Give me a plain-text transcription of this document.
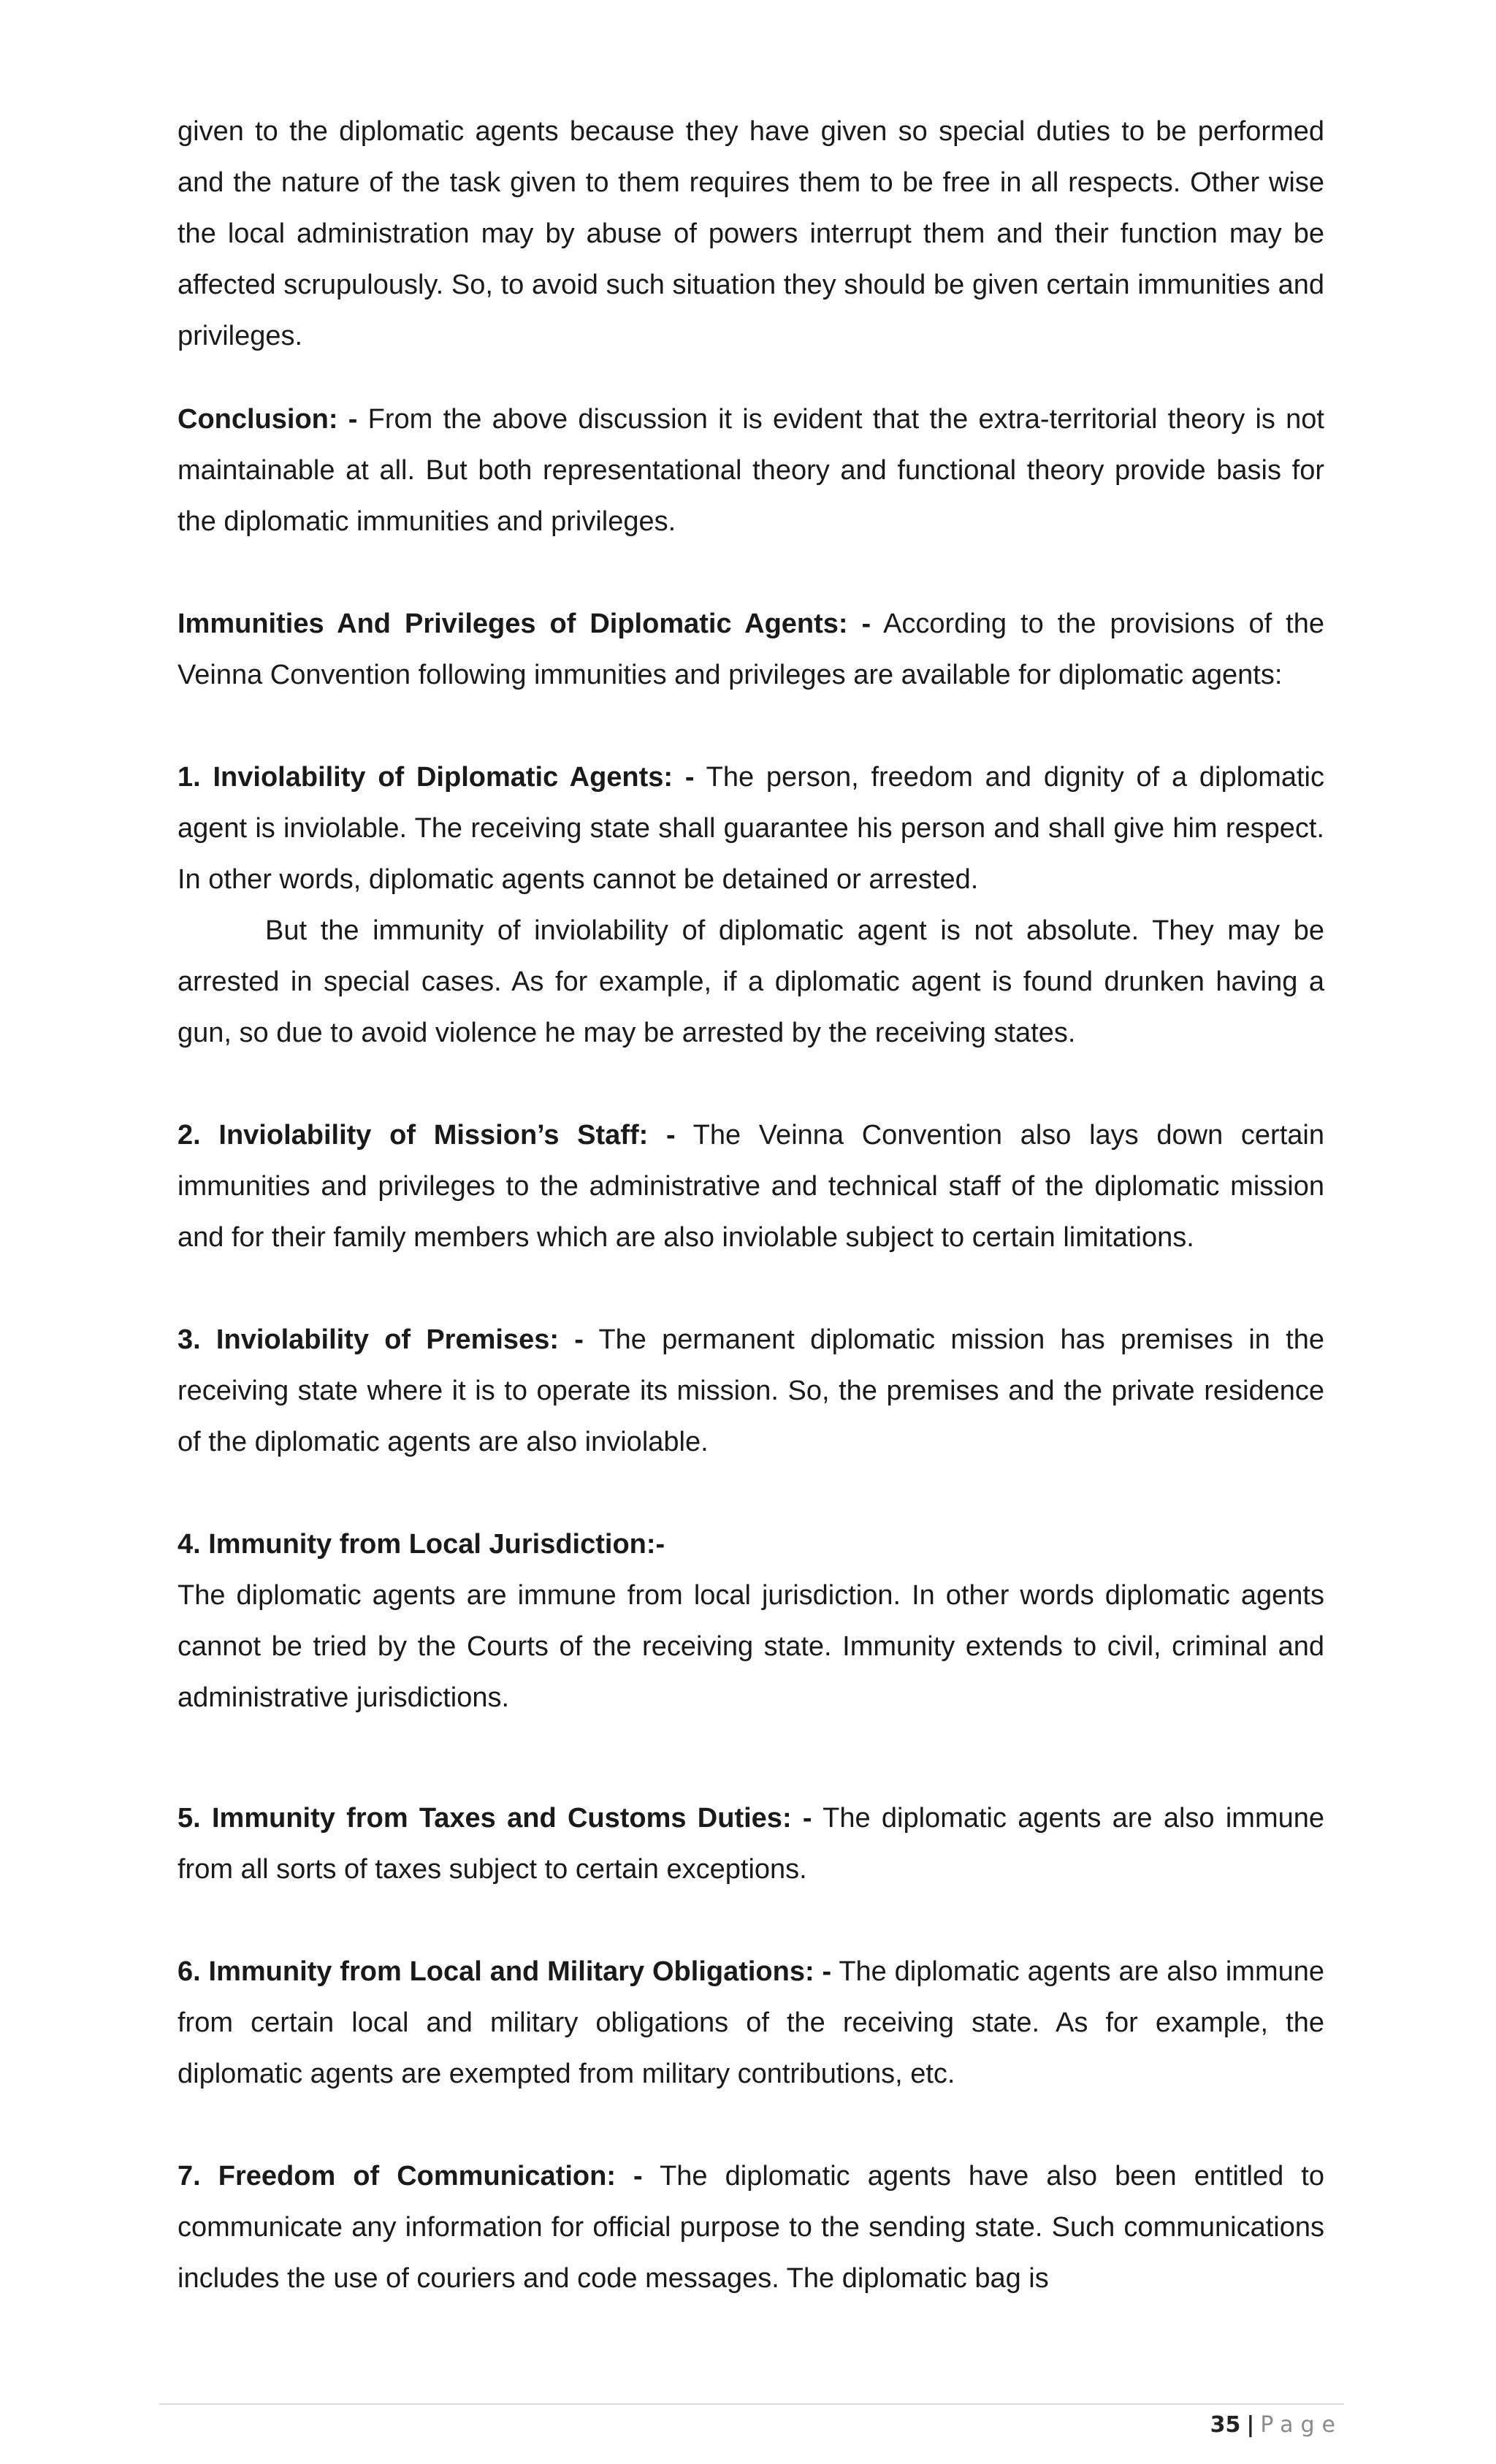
given to the diplomatic agents because they have given so special duties to be performed and the nature of the task given to them requires them to be free in all respects. Other wise the local administration may by abuse of powers interrupt them and their function may be affected scrupulously. So, to avoid such situation they should be given certain immunities and privileges.

Conclusion: - From the above discussion it is evident that the extra-territorial theory is not maintainable at all. But both representational theory and functional theory provide basis for the diplomatic immunities and privileges.

Immunities And Privileges of Diplomatic Agents: - According to the provisions of the Veinna Convention following immunities and privileges are available for diplomatic agents:

1. Inviolability of Diplomatic Agents: - The person, freedom and dignity of a diplomatic agent is inviolable. The receiving state shall guarantee his person and shall give him respect. In other words, diplomatic agents cannot be detained or arrested.

But the immunity of inviolability of diplomatic agent is not absolute. They may be arrested in special cases. As for example, if a diplomatic agent is found drunken having a gun, so due to avoid violence he may be arrested by the receiving states.

2. Inviolability of Mission’s Staff: - The Veinna Convention also lays down certain immunities and privileges to the administrative and technical staff of the diplomatic mission and for their family members which are also inviolable subject to certain limitations.

3. Inviolability of Premises: - The permanent diplomatic mission has premises in the receiving state where it is to operate its mission. So, the premises and the private residence of the diplomatic agents are also inviolable.

4. Immunity from Local Jurisdiction:-

The diplomatic agents are immune from local jurisdiction. In other words diplomatic agents cannot be tried by the Courts of the receiving state. Immunity extends to civil, criminal and administrative jurisdictions.

5. Immunity from Taxes and Customs Duties: - The diplomatic agents are also immune from all sorts of taxes subject to certain exceptions.

6. Immunity from Local and Military Obligations: - The diplomatic agents are also immune from certain local and military obligations of the receiving state. As for example, the diplomatic agents are exempted from military contributions, etc.

7. Freedom of Communication: - The diplomatic agents have also been entitled to communicate any information for official purpose to the sending state. Such communications includes the use of couriers and code messages. The diplomatic bag is

35 | Page
